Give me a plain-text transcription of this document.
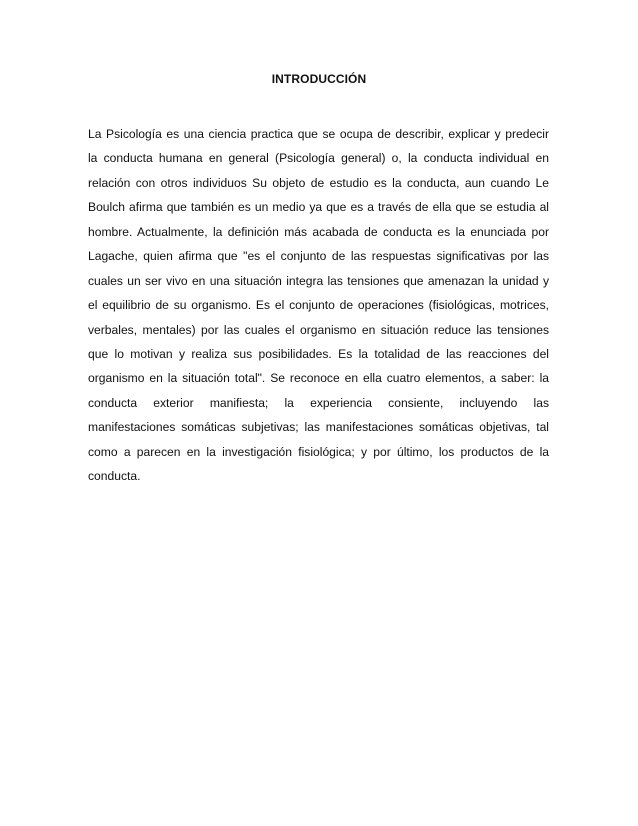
INTRODUCCIÓN
La Psicología es una ciencia practica que se ocupa de describir, explicar y predecir
la conducta humana en general (Psicología general) o, la conducta individual en
relación con otros individuos Su objeto de estudio es la conducta, aun cuando Le
Boulch afirma que también es un medio ya que es a través de ella que se estudia al
hombre. Actualmente, la definición más acabada de conducta es la enunciada por
Lagache, quien afirma que "es el conjunto de las respuestas significativas por las
cuales un ser vivo en una situación integra las tensiones que amenazan la unidad y
el equilibrio de su organismo. Es el conjunto de operaciones (fisiológicas, motrices,
verbales, mentales) por las cuales el organismo en situación reduce las tensiones
que lo motivan y realiza sus posibilidades. Es la totalidad de las reacciones del
organismo en la situación total". Se reconoce en ella cuatro elementos, a saber: la
conducta exterior manifiesta; la experiencia consiente, incluyendo las
manifestaciones somáticas subjetivas; las manifestaciones somáticas objetivas, tal
como a parecen en la investigación fisiológica; y por último, los productos de la
conducta.
